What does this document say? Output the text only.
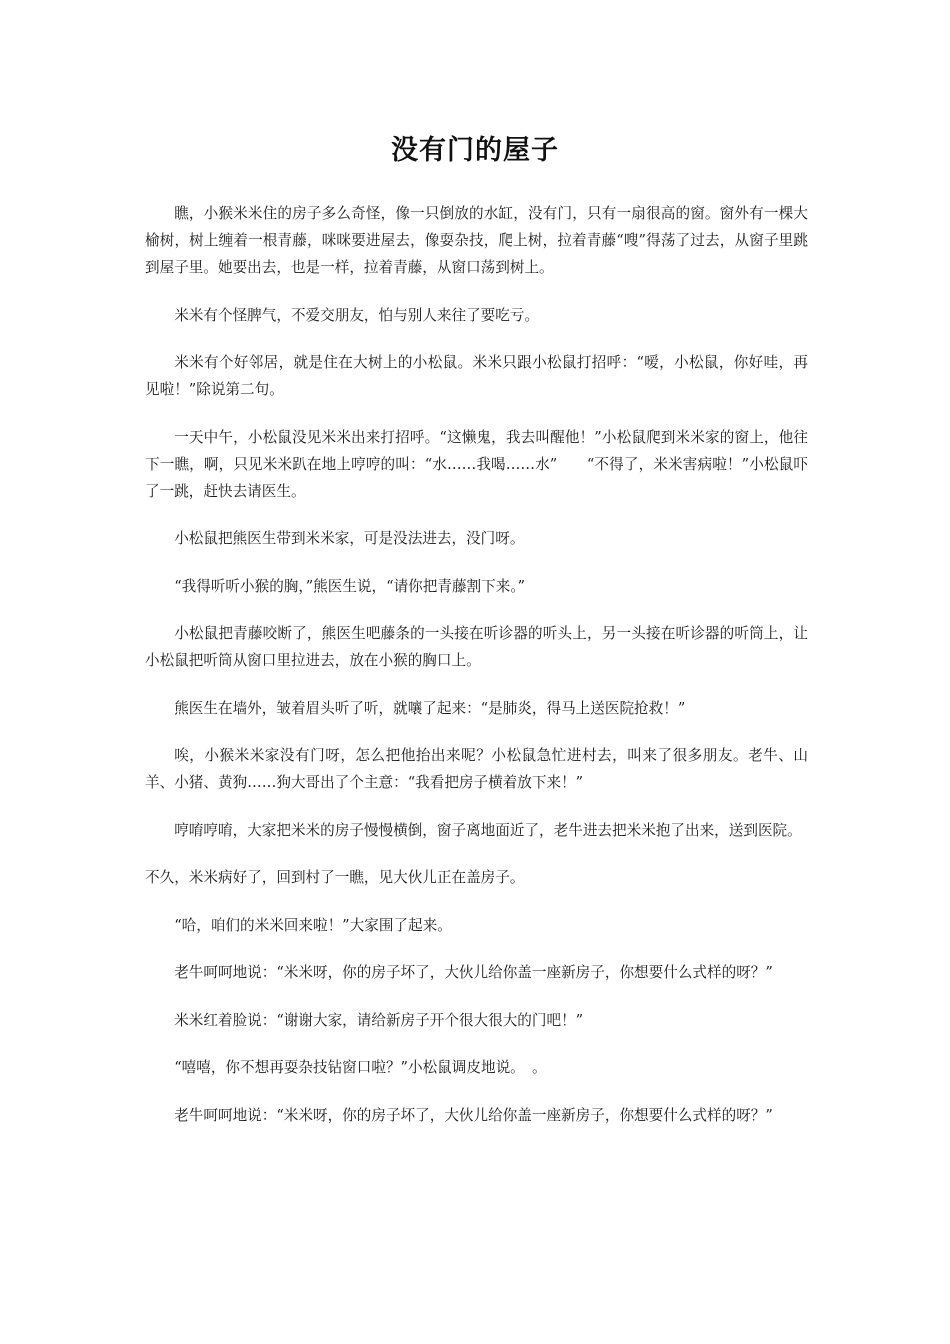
没有门的屋子

瞧，小猴米米住的房子多么奇怪，像一只倒放的水缸，没有门，只有一扇很高的窗。窗外有一棵大榆树，树上缠着一根青藤，咪咪要进屋去，像耍杂技，爬上树，拉着青藤“嗖”得荡了过去，从窗子里跳到屋子里。她要出去，也是一样，拉着青藤，从窗口荡到树上。

米米有个怪脾气，不爱交朋友，怕与别人来往了要吃亏。

米米有个好邻居，就是住在大树上的小松鼠。米米只跟小松鼠打招呼：“嗳，小松鼠，你好哇，再见啦！”除说第二句。

一天中午，小松鼠没见米米出来打招呼。“这懒鬼，我去叫醒他！”小松鼠爬到米米家的窗上，他往下一瞧，啊，只见米米趴在地上哼哼的叫：“水……我喝……水”　　“不得了，米米害病啦！”小松鼠吓了一跳，赶快去请医生。

小松鼠把熊医生带到米米家，可是没法进去，没门呀。

“我得听听小猴的胸，”熊医生说，“请你把青藤割下来。”

小松鼠把青藤咬断了，熊医生吧藤条的一头接在听诊器的听头上，另一头接在听诊器的听筒上，让小松鼠把听筒从窗口里拉进去，放在小猴的胸口上。

熊医生在墙外，皱着眉头听了听，就嚷了起来：“是肺炎，得马上送医院抢救！”

唉，小猴米米家没有门呀，怎么把他抬出来呢？小松鼠急忙进村去，叫来了很多朋友。老牛、山羊、小猪、黄狗……狗大哥出了个主意：“我看把房子横着放下来！”

哼唷哼唷，大家把米米的房子慢慢横倒，窗子离地面近了，老牛进去把米米抱了出来，送到医院。

不久，米米病好了，回到村了一瞧，见大伙儿正在盖房子。

“哈，咱们的米米回来啦！”大家围了起来。

老牛呵呵地说：“米米呀，你的房子坏了，大伙儿给你盖一座新房子，你想要什么式样的呀？”

米米红着脸说：“谢谢大家，请给新房子开个很大很大的门吧！”

“嘻嘻，你不想再耍杂技钻窗口啦？”小松鼠调皮地说。　。

老牛呵呵地说：“米米呀，你的房子坏了，大伙儿给你盖一座新房子，你想要什么式样的呀？”
